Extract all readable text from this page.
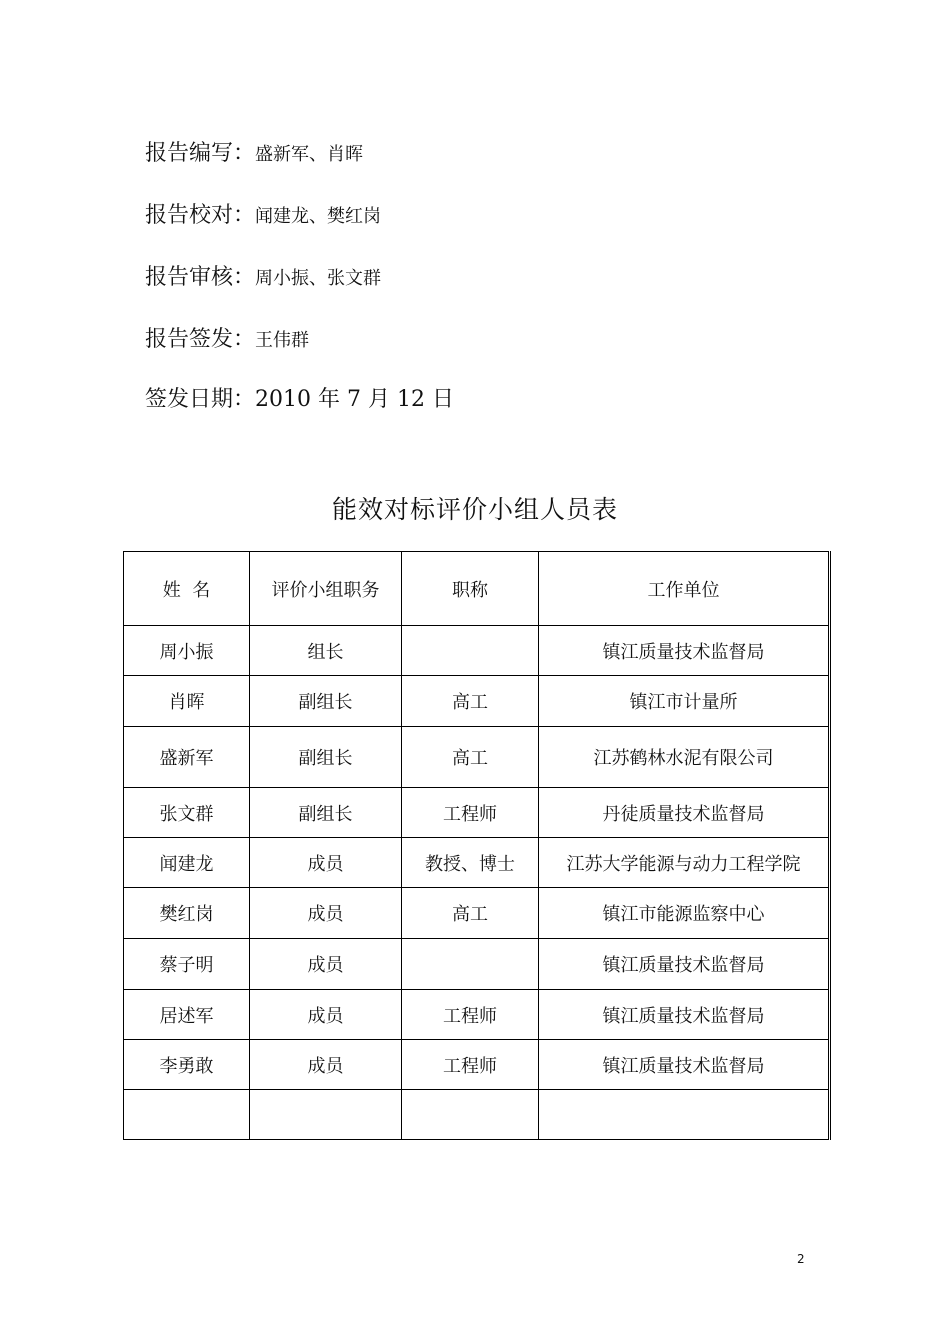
报告编写：盛新军、肖晖
报告校对：闻建龙、樊红岗
报告审核：周小振、张文群
报告签发：王伟群
签发日期：2010 年 7 月 12 日
能效对标评价小组人员表
姓  名	评价小组职务	职称	工作单位
周小振	组长		镇江质量技术监督局
肖晖	副组长	高工	镇江市计量所
盛新军	副组长	高工	江苏鹤林水泥有限公司
张文群	副组长	工程师	丹徒质量技术监督局
闻建龙	成员	教授、博士	江苏大学能源与动力工程学院
樊红岗	成员	高工	镇江市能源监察中心
蔡子明	成员		镇江质量技术监督局
居述军	成员	工程师	镇江质量技术监督局
李勇敢	成员	工程师	镇江质量技术监督局

2
